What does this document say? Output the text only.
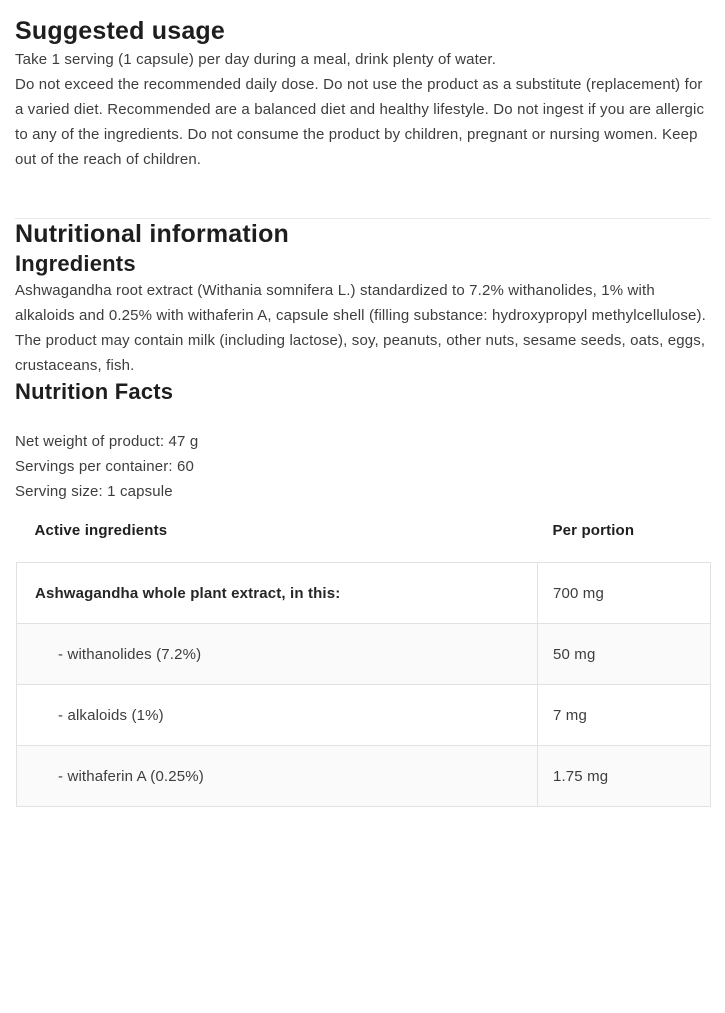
Suggested usage

Take 1 serving (1 capsule) per day during a meal, drink plenty of water.

Do not exceed the recommended daily dose. Do not use the product as a substitute (replacement) for a varied diet. Recommended are a balanced diet and healthy lifestyle. Do not ingest if you are allergic to any of the ingredients. Do not consume the product by children, pregnant or nursing women. Keep out of the reach of children.

Nutritional information
Ingredients

Ashwagandha root extract (Withania somnifera L.) standardized to 7.2% withanolides, 1% with alkaloids and 0.25% with withaferin A, capsule shell (filling substance: hydroxypropyl methylcellulose).

The product may contain milk (including lactose), soy, peanuts, other nuts, sesame seeds, oats, eggs, crustaceans, fish.

Nutrition Facts
Net weight of product: 47 g
Servings per container: 60
Serving size: 1 capsule
Active ingredients	Per portion
Ashwagandha whole plant extract, in this:	700 mg
- withanolides (7.2%)	50 mg
- alkaloids (1%)	7 mg
- withaferin A (0.25%)	1.75 mg
